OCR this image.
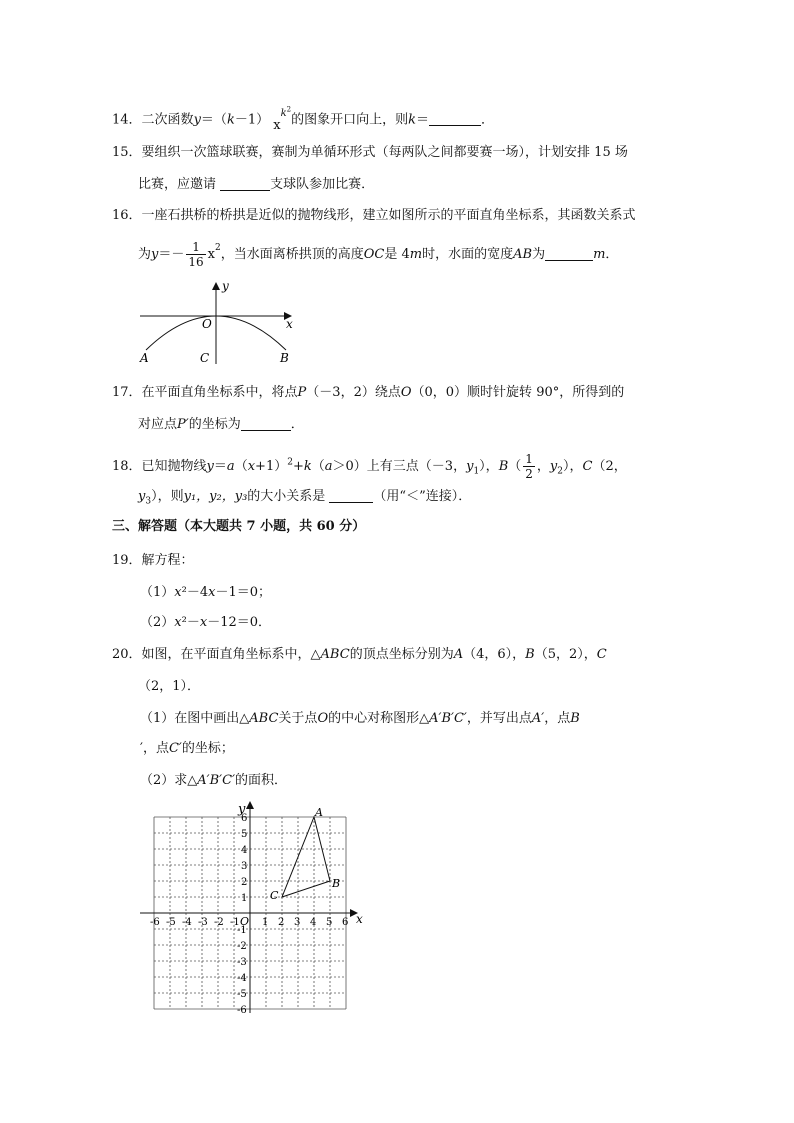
14．二次函数y＝（k－1） $x^{k^2}$的图象开口向上，则k＝	．
15．要组织一次篮球联赛，赛制为单循环形式（每两队之间都要赛一场），计划安排 15 场
比赛，应邀请	支球队参加比赛．
16．一座石拱桥的桥拱是近似的抛物线形，建立如图所示的平面直角坐标系，其函数关系式
为$y=- \frac{1}{16} x^2$，当水面离桥拱顶的高度OC是 4m时，水面的宽度AB为	m．
y
x
O
A	C	B
17．在平面直角坐标系中，将点P（－3，2）绕点O（0，0）顺时针旋转 90°，所得到的
对应点P′的坐标为	．
18．已知抛物线$y=a(x+1)^2+k(a>0)$上有三点（－3，$y_1$），$B( \frac{1}{2}$ ，$y_2$），C（2，
$y_3$），则y₁，y₂，y₃的大小关系是	（用“＜”连接）．
三、解答题（本大题共 7 小题，共 60 分）
19．解方程：
（1）x²－4x－1＝0；
（2）x²－x－12＝0．
20．如图，在平面直角坐标系中，△ABC的顶点坐标分别为A（4，6），B（5，2），C
（2，1）．
（1）在图中画出△ABC关于点O的中心对称图形△A′B′C′，并写出点A′，点B
′，点C′的坐标；
（2）求△A′B′C′的面积．
-6 -5 -4 -3 -2 -1 1 2 3 4 5 6
6
5
4
3
2
1
-1
-2
-3
-4
-5
-6
x
y
O
A
B
C
